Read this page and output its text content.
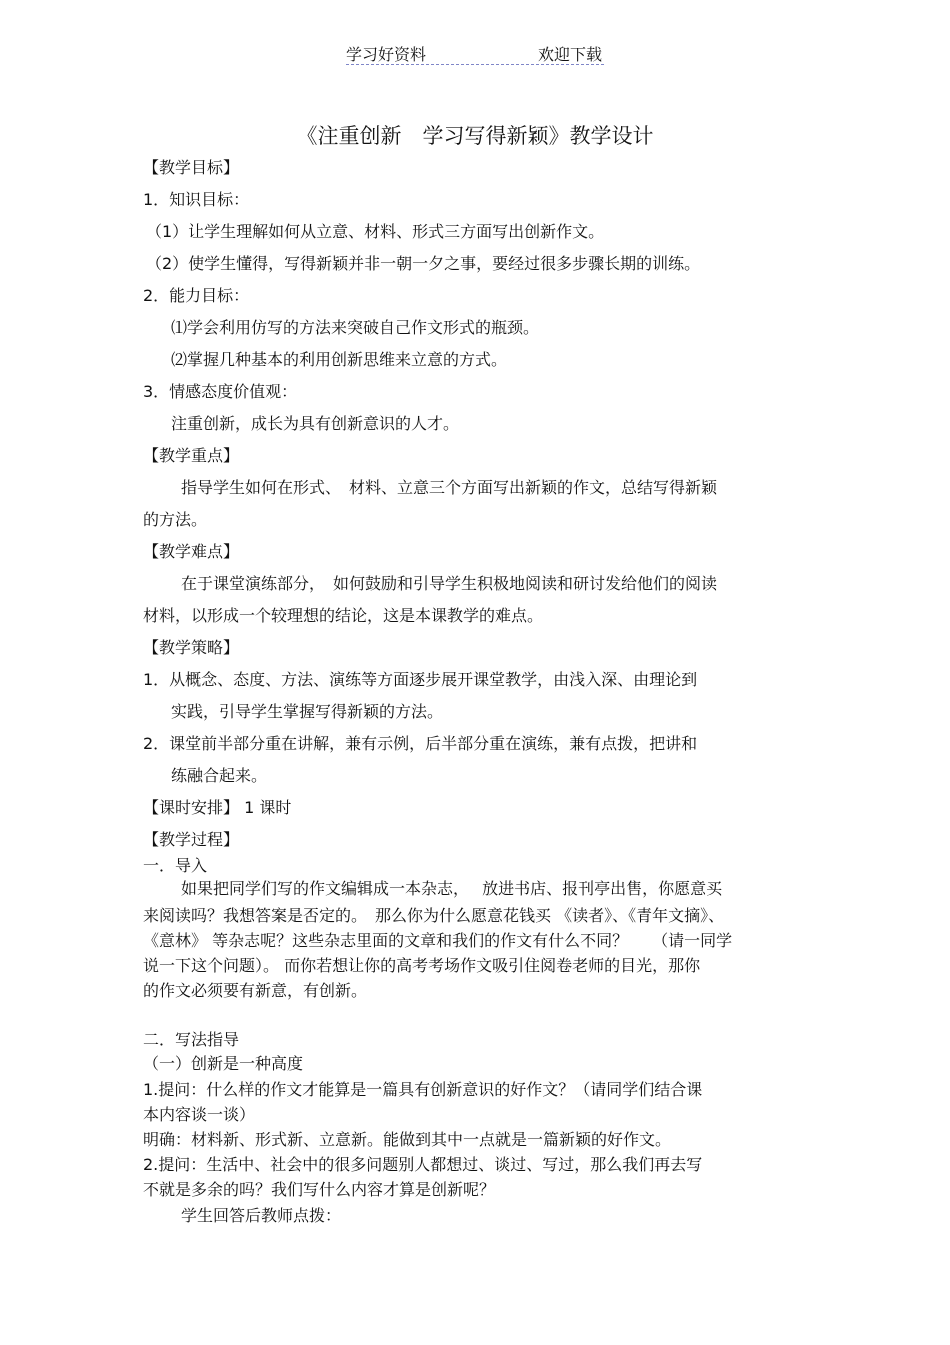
学习好资料	欢迎下载
《注重创新　学习写得新颖》教学设计
【教学目标】
1．知识目标：
（1）让学生理解如何从立意、材料、形式三方面写出创新作文。
（2）使学生懂得，写得新颖并非一朝一夕之事，要经过很多步骤长期的训练。
2．能力目标：
⑴学会利用仿写的方法来突破自己作文形式的瓶颈。
⑵掌握几种基本的利用创新思维来立意的方式。
3．情感态度价值观：
注重创新，成长为具有创新意识的人才。
【教学重点】
指导学生如何在形式、　材料、立意三个方面写出新颖的作文，总结写得新颖
的方法。
【教学难点】
在于课堂演练部分，　如何鼓励和引导学生积极地阅读和研讨发给他们的阅读
材料，以形成一个较理想的结论，这是本课教学的难点。
【教学策略】
1．从概念、态度、方法、演练等方面逐步展开课堂教学，由浅入深、由理论到
实践，引导学生掌握写得新颖的方法。
2．课堂前半部分重在讲解，兼有示例，后半部分重在演练，兼有点拨，把讲和
练融合起来。
【课时安排】 1 课时
【教学过程】
一．导入
如果把同学们写的作文编辑成一本杂志，　 放进书店、报刊亭出售，你愿意买
来阅读吗？我想答案是否定的。　那么你为什么愿意花钱买 《读者》、《青年文摘》、
《意林》 等杂志呢？这些杂志里面的文章和我们的作文有什么不同？　　（请一同学
说一下这个问题）。 而你若想让你的高考考场作文吸引住阅卷老师的目光，那你
的作文必须要有新意，有创新。
二．写法指导
（一）创新是一种高度
1.提问：什么样的作文才能算是一篇具有创新意识的好作文？（请同学们结合课
本内容谈一谈）
明确：材料新、形式新、立意新。能做到其中一点就是一篇新颖的好作文。
2.提问：生活中、社会中的很多问题别人都想过、谈过、写过，那么我们再去写
不就是多余的吗？我们写什么内容才算是创新呢？
学生回答后教师点拨：
